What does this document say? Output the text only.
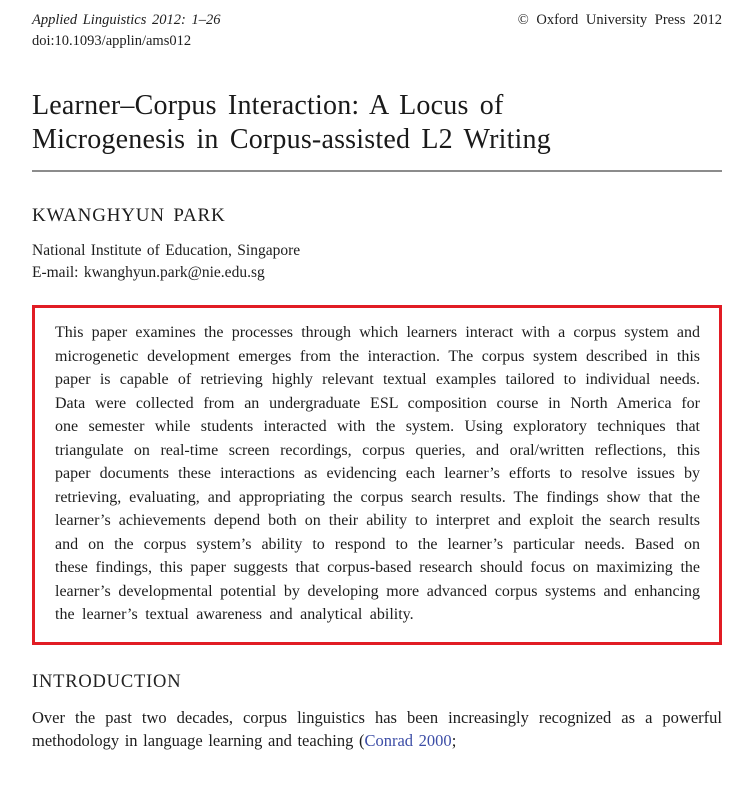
Applied Linguistics 2012: 1–26
doi:10.1093/applin/ams012
© Oxford University Press 2012
Learner–Corpus Interaction: A Locus of
Microgenesis in Corpus-assisted L2 Writing
KWANGHYUN PARK
National Institute of Education, Singapore
E-mail: kwanghyun.park@nie.edu.sg

This paper examines the processes through which learners interact with a corpus system and microgenetic development emerges from the interaction. The corpus system described in this paper is capable of retrieving highly relevant textual examples tailored to individual needs. Data were collected from an undergraduate ESL composition course in North America for one semester while students interacted with the system. Using exploratory techniques that triangulate on real-time screen recordings, corpus queries, and oral/written reflections, this paper documents these interactions as evidencing each learner’s efforts to resolve issues by retrieving, evaluating, and appropriating the corpus search results. The findings show that the learner’s achievements depend both on their ability to interpret and exploit the search results and on the corpus system’s ability to respond to the learner’s particular needs. Based on these findings, this paper suggests that corpus-based research should focus on maximizing the learner’s developmental potential by developing more advanced corpus systems and enhancing the learner’s textual awareness and analytical ability.

INTRODUCTION

Over the past two decades, corpus linguistics has been increasingly recognized as a powerful methodology in language learning and teaching (Conrad 2000;
